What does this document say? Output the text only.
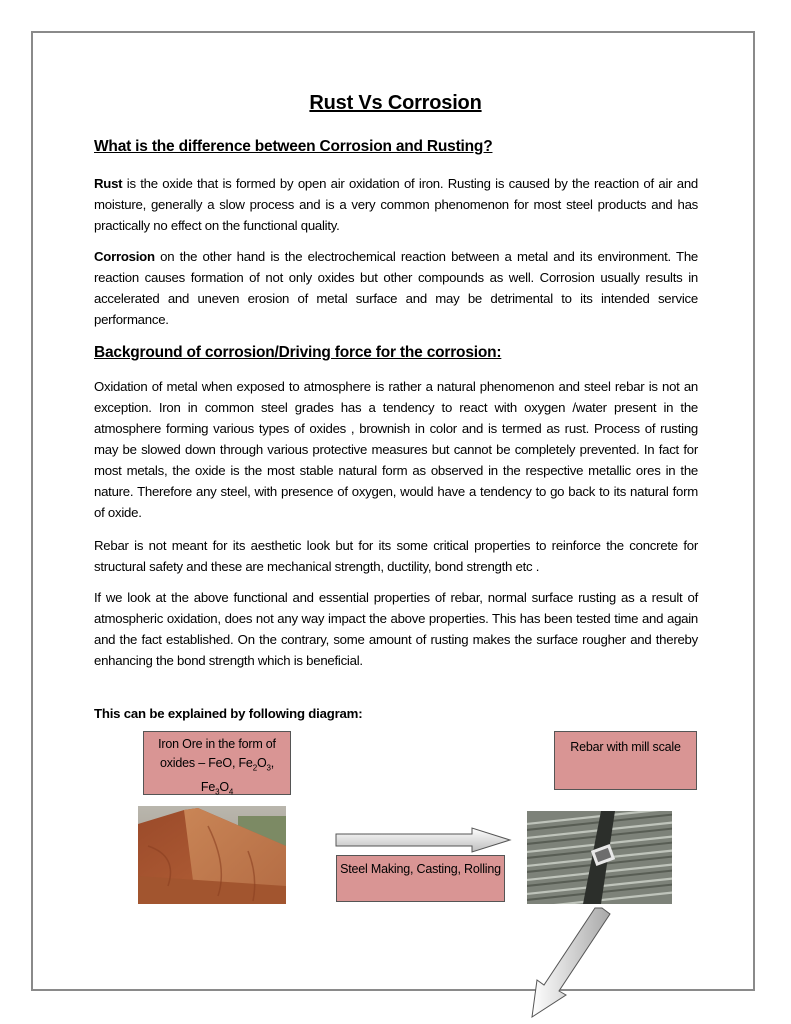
Rust Vs Corrosion
What is the difference between Corrosion and Rusting?
Rust is the oxide that is formed by open air oxidation of iron. Rusting is caused by the reaction of air and moisture, generally a slow process and is a very common phenomenon for most steel products and has practically no effect on the functional quality.
Corrosion on the other hand is the electrochemical reaction between a metal and its environment. The reaction causes formation of not only oxides but other compounds as well. Corrosion usually results in accelerated and uneven erosion of metal surface and may be detrimental to its intended service performance.
Background of corrosion/Driving force for the corrosion:
Oxidation of metal when exposed to atmosphere is rather a natural phenomenon and steel rebar is not an exception. Iron in common steel grades has a tendency to react with oxygen /water present in the atmosphere forming various types of oxides , brownish in color and is termed as rust. Process of rusting may be slowed down through various protective measures but cannot be completely prevented. In fact for most metals, the oxide is the most stable natural form as observed in the respective metallic ores in the nature. Therefore any steel, with presence of oxygen, would have a tendency to go back to its natural form of oxide.
Rebar is not meant for its aesthetic look but for its some critical properties to reinforce the concrete for structural safety and these are mechanical strength, ductility, bond strength etc .
If we look at the above functional and essential properties of rebar, normal surface rusting as a result of atmospheric oxidation, does not any way impact the above properties. This has been tested time and again and the fact established. On the contrary, some amount of rusting makes the surface rougher and thereby enhancing the bond strength which is beneficial.
This can be explained by following diagram:
Iron Ore in the form of
oxides – FeO, $Fe_2O_3$,
$Fe_3O_4$
Rebar with mill scale
Steel Making, Casting, Rolling
